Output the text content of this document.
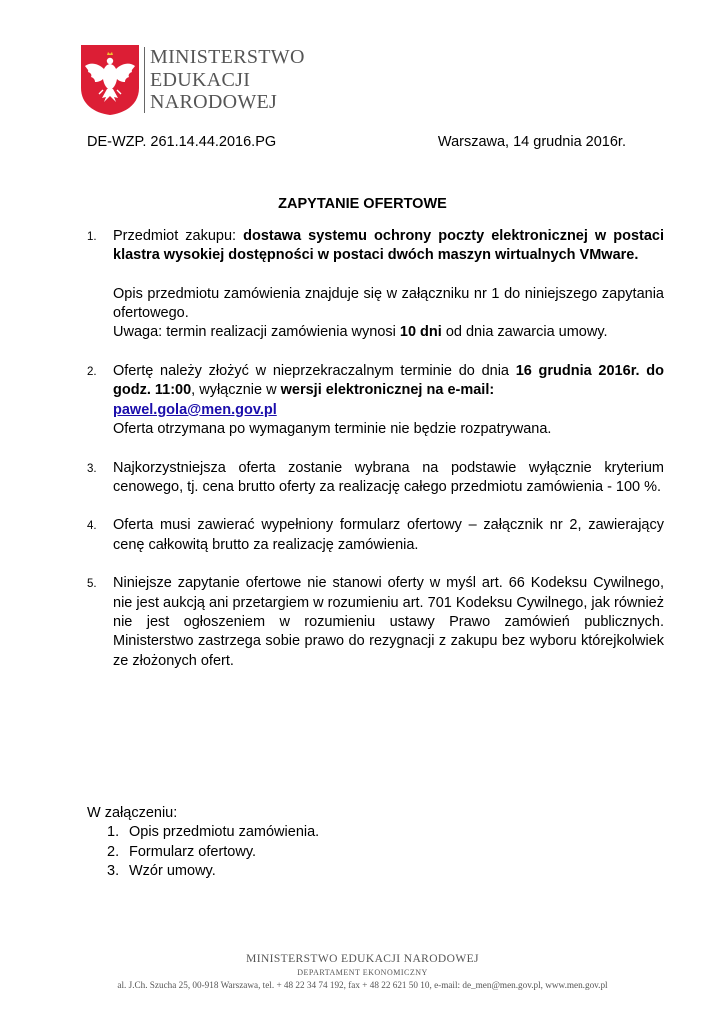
MINISTERSTWO
EDUKACJI
NARODOWEJ
DE-WZP. 261.14.44.2016.PG	Warszawa, 14 grudnia 2016r.
ZAPYTANIE OFERTOWE
1. Przedmiot zakupu: dostawa systemu ochrony poczty elektronicznej w postaci klastra wysokiej dostępności w postaci dwóch maszyn wirtualnych VMware.

Opis przedmiotu zamówienia znajduje się w załączniku nr 1 do niniejszego zapytania ofertowego.
Uwaga: termin realizacji zamówienia wynosi 10 dni od dnia zawarcia umowy.

2. Ofertę należy złożyć w nieprzekraczalnym terminie do dnia 16 grudnia 2016r. do godz. 11:00, wyłącznie w wersji elektronicznej na e-mail:
pawel.gola@men.gov.pl
Oferta otrzymana po wymaganym terminie nie będzie rozpatrywana.

3. Najkorzystniejsza oferta zostanie wybrana na podstawie wyłącznie kryterium cenowego, tj. cena brutto oferty za realizację całego przedmiotu zamówienia - 100 %.

4. Oferta musi zawierać wypełniony formularz ofertowy – załącznik nr 2, zawierający cenę całkowitą brutto za realizację zamówienia.

5. Niniejsze zapytanie ofertowe nie stanowi oferty w myśl art. 66 Kodeksu Cywilnego, nie jest aukcją ani przetargiem w rozumieniu art. 701 Kodeksu Cywilnego, jak również nie jest ogłoszeniem w rozumieniu ustawy Prawo zamówień publicznych. Ministerstwo zastrzega sobie prawo do rezygnacji z zakupu bez wyboru którejkolwiek ze złożonych ofert.

W załączeniu:
1. Opis przedmiotu zamówienia.
2. Formularz ofertowy.
3. Wzór umowy.
MINISTERSTWO EDUKACJI NARODOWEJ
DEPARTAMENT EKONOMICZNY
al. J.Ch. Szucha 25, 00-918 Warszawa, tel. + 48 22 34 74 192, fax + 48 22 621 50 10, e-mail: de_men@men.gov.pl, www.men.gov.pl
